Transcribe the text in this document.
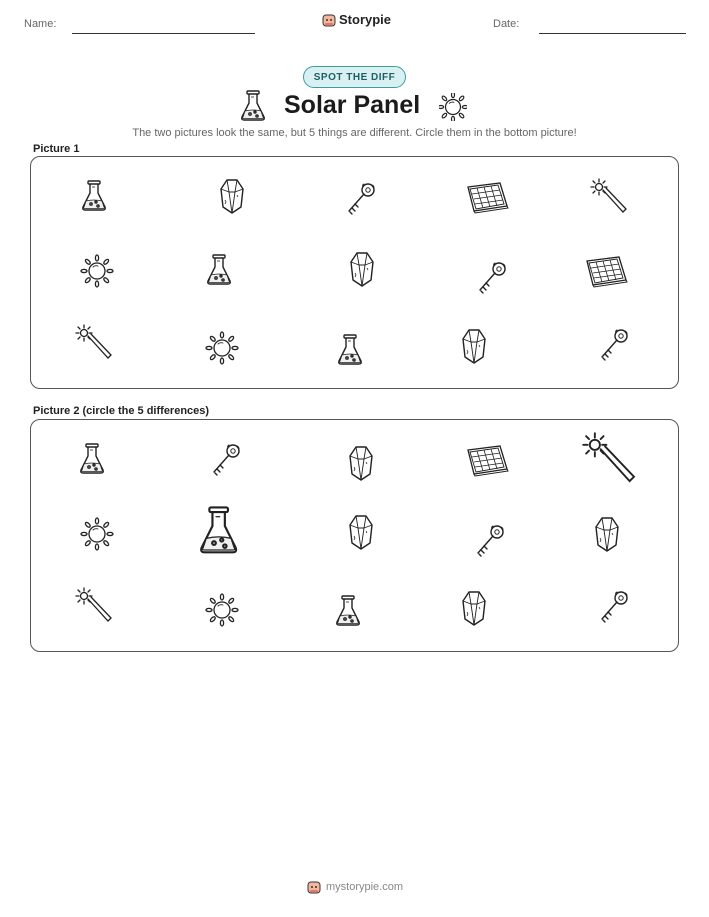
Name:	Storypie	Date:
SPOT THE DIFF
Solar Panel
The two pictures look the same, but 5 things are different. Circle them in the bottom picture!
Picture 1
Picture 2 (circle the 5 differences)
mystorypie.com
